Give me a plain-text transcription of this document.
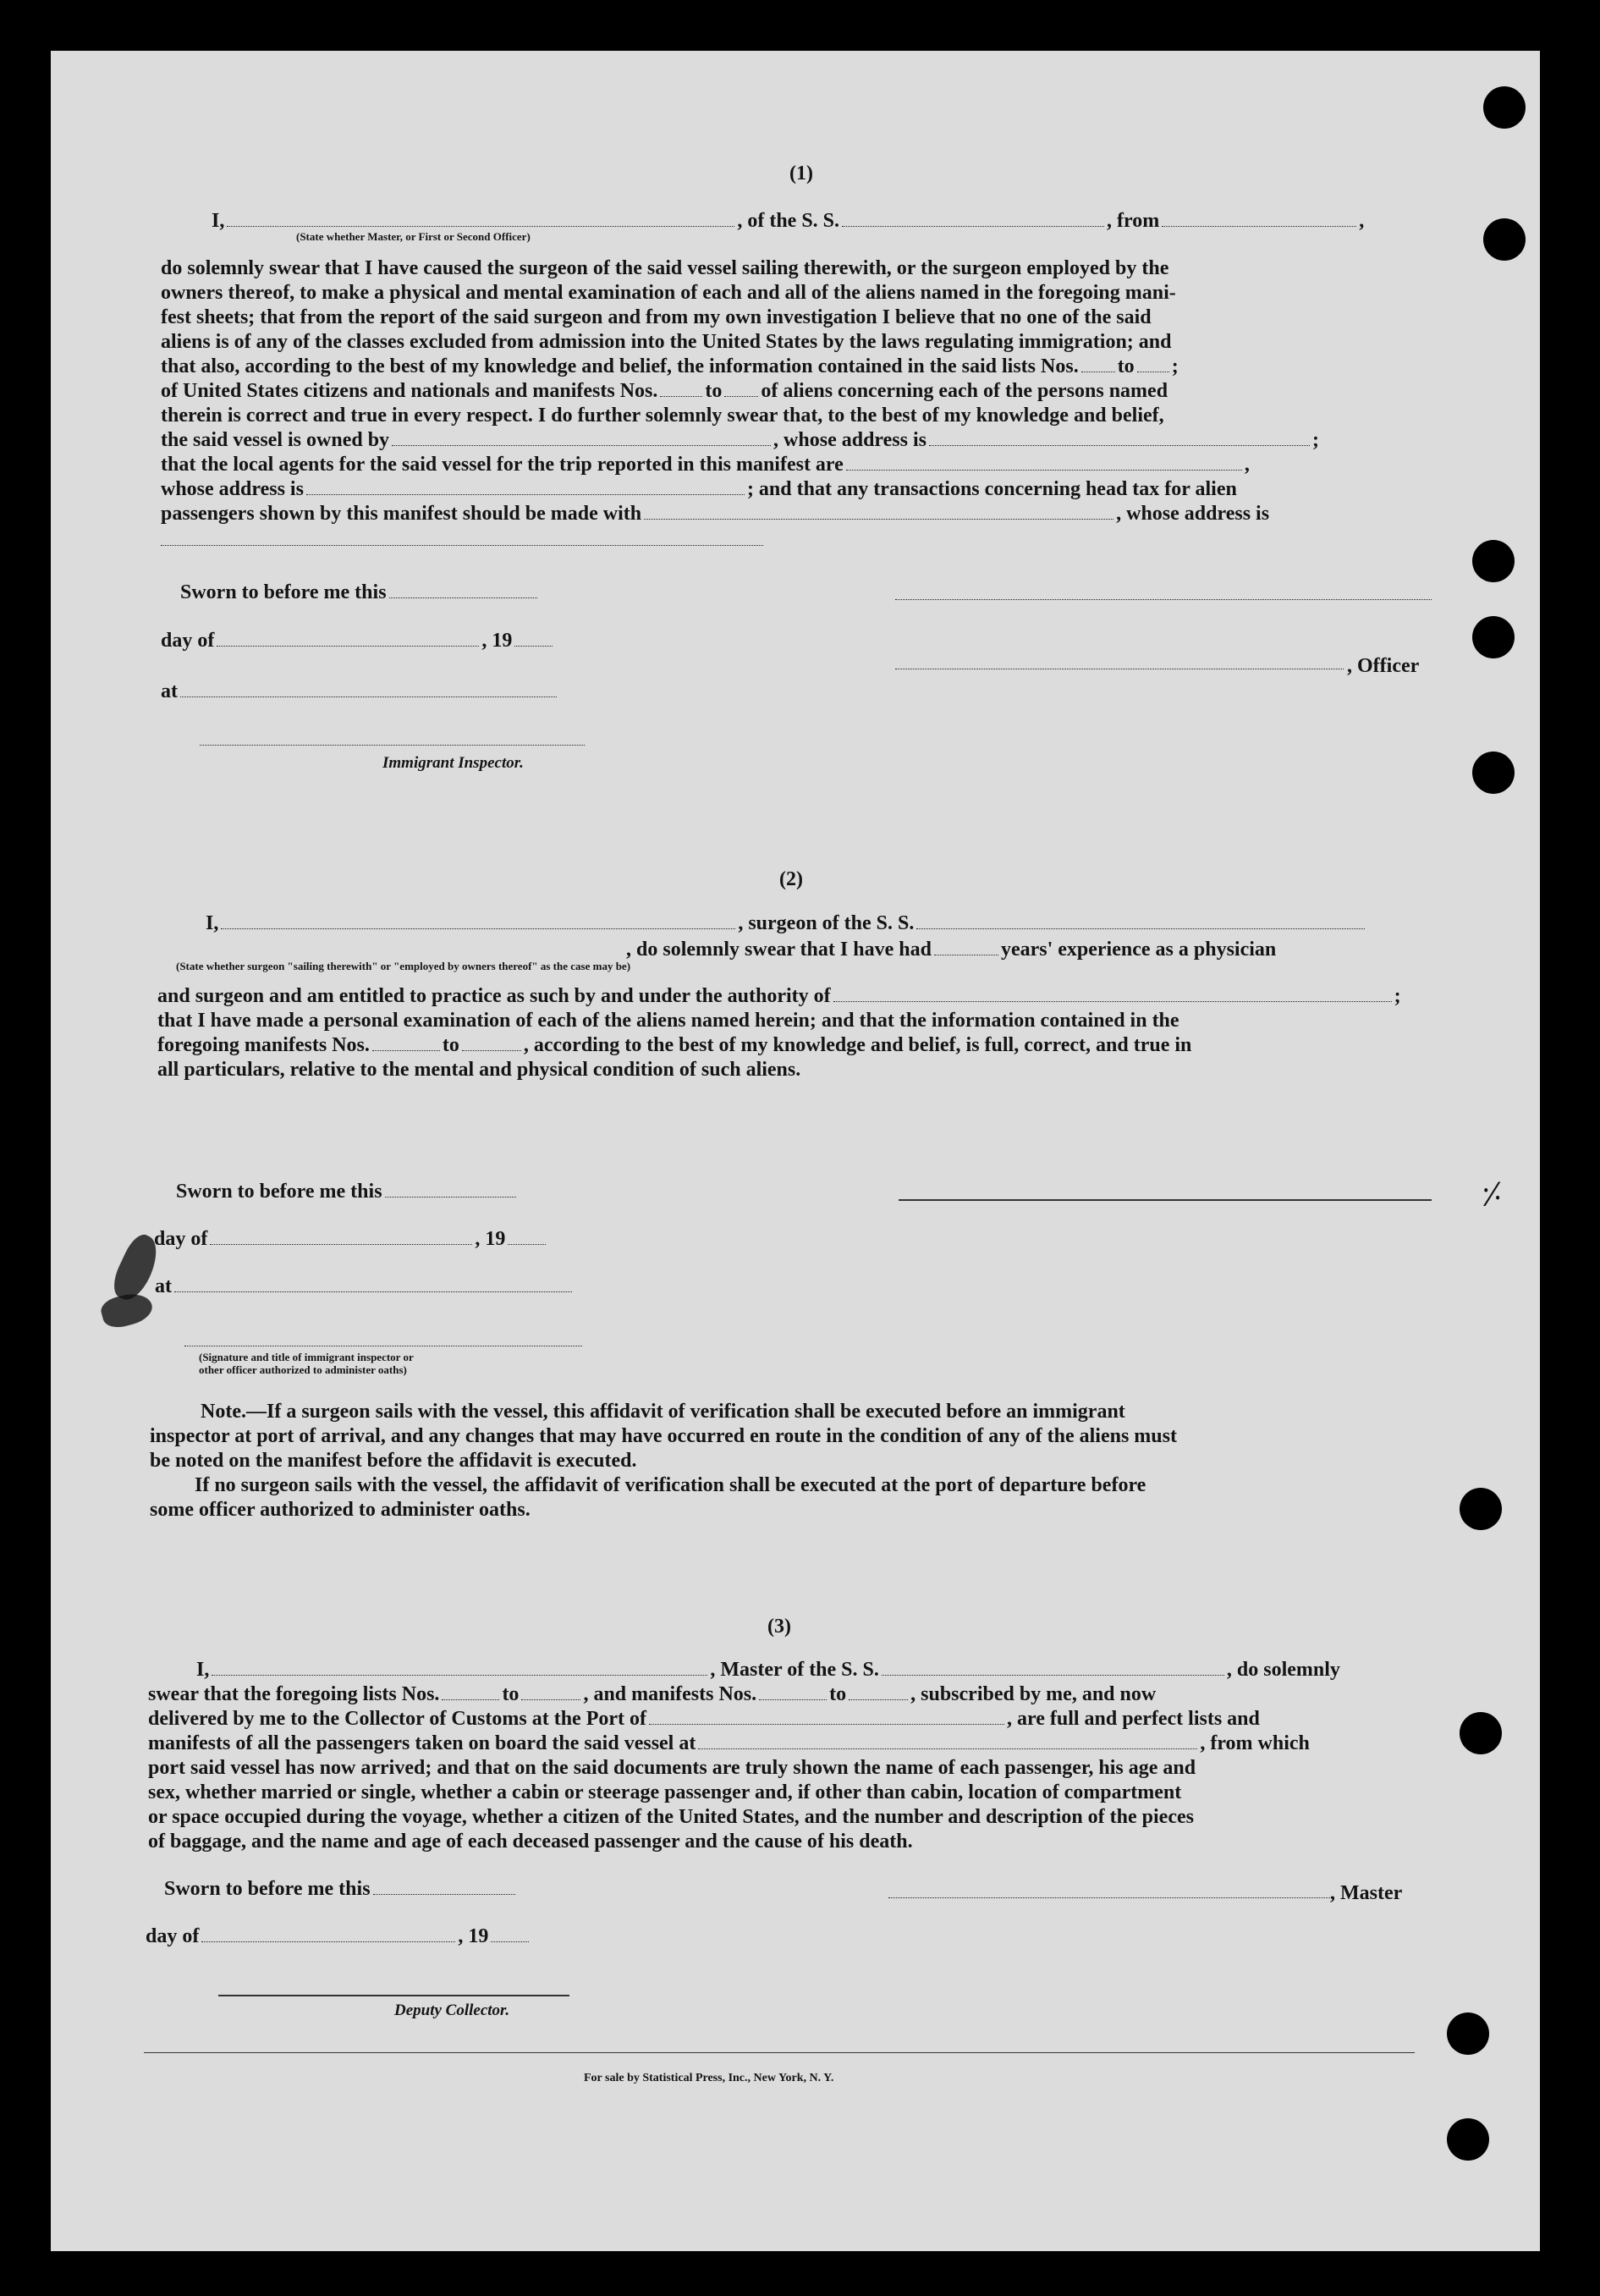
(1)
I,	, of the S. S.	, from	,
(State whether Master, or First or Second Officer)
do solemnly swear that I have caused the surgeon of the said vessel sailing therewith, or the surgeon employed by the
owners thereof, to make a physical and mental examination of each and all of the aliens named in the foregoing mani-
fest sheets; that from the report of the said surgeon and from my own investigation I believe that no one of the said
aliens is of any of the classes excluded from admission into the United States by the laws regulating immigration; and
that also, according to the best of my knowledge and belief, the information contained in the said lists Nos. to ;
of United States citizens and nationals and manifests Nos. to of aliens concerning each of the persons named
therein is correct and true in every respect. I do further solemnly swear that, to the best of my knowledge and belief,
the said vessel is owned by	, whose address is	;
that the local agents for the said vessel for the trip reported in this manifest are	,
whose address is	; and that any transactions concerning head tax for alien
passengers shown by this manifest should be made with	, whose address is
Sworn to before me this
day of	, 19
, Officer
at
Immigrant Inspector.
(2)
I,	, surgeon of the S. S.
, do solemnly swear that I have had	years' experience as a physician
(State whether surgeon "sailing therewith" or "employed by owners thereof" as the case may be)
and surgeon and am entitled to practice as such by and under the authority of	;
that I have made a personal examination of each of the aliens named herein; and that the information contained in the
foregoing manifests Nos.	to	, according to the best of my knowledge and belief, is full, correct, and true in
all particulars, relative to the mental and physical condition of such aliens.
Sworn to before me this
day of	, 19
at
(Signature and title of immigrant inspector or
other officer authorized to administer oaths)
Note.—If a surgeon sails with the vessel, this affidavit of verification shall be executed before an immigrant
inspector at port of arrival, and any changes that may have occurred en route in the condition of any of the aliens must
be noted on the manifest before the affidavit is executed.
If no surgeon sails with the vessel, the affidavit of verification shall be executed at the port of departure before
some officer authorized to administer oaths.
(3)
I,	, Master of the S. S.	, do solemnly
swear that the foregoing lists Nos.	to	, and manifests Nos.	to	, subscribed by me, and now
delivered by me to the Collector of Customs at the Port of	, are full and perfect lists and
manifests of all the passengers taken on board the said vessel at	, from which
port said vessel has now arrived; and that on the said documents are truly shown the name of each passenger, his age and
sex, whether married or single, whether a cabin or steerage passenger and, if other than cabin, location of compartment
or space occupied during the voyage, whether a citizen of the United States, and the number and description of the pieces
of baggage, and the name and age of each deceased passenger and the cause of his death.
Sworn to before me this	, Master
day of	, 19
Deputy Collector.
For sale by Statistical Press, Inc., New York, N. Y.
⸓
